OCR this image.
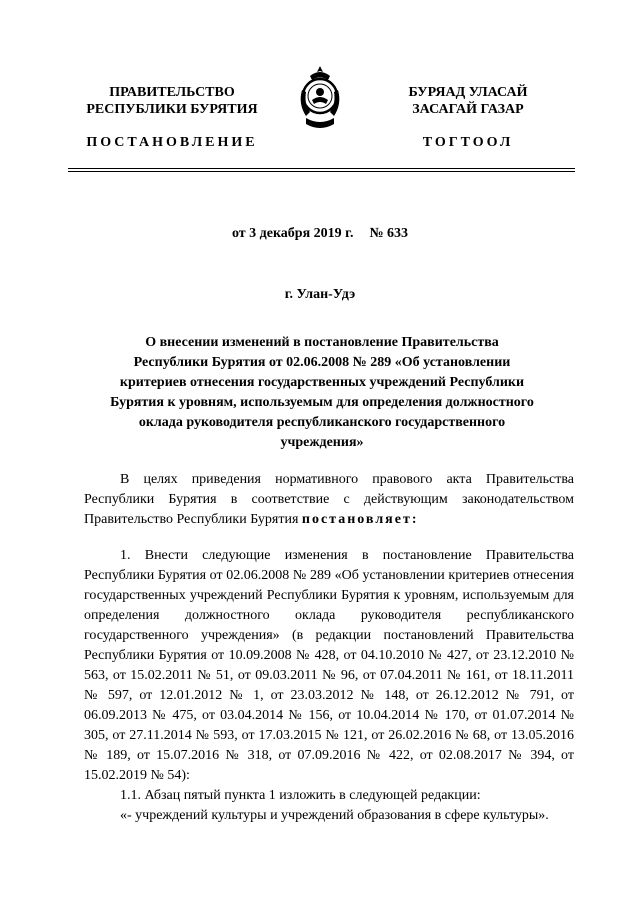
ПРАВИТЕЛЬСТВО
РЕСПУБЛИКИ БУРЯТИЯ
ПОСТАНОВЛЕНИЕ
БУРЯАД УЛАСАЙ
ЗАСАГАЙ ГАЗАР
ТОГТООЛ
от 3 декабря 2019 г. № 633
г. Улан-Удэ
О внесении изменений в постановление Правительства Республики Бурятия от 02.06.2008 № 289 «Об установлении критериев отнесения государственных учреждений Республики Бурятия к уровням, используемым для определения должностного оклада руководителя республиканского государственного учреждения»

В целях приведения нормативного правового акта Правительства Республики Бурятия в соответствие с действующим законодательством Правительство Республики Бурятия постановляет:

1. Внести следующие изменения в постановление Правительства Республики Бурятия от 02.06.2008 № 289 «Об установлении критериев отнесения государственных учреждений Республики Бурятия к уровням, используемым для определения должностного оклада руководителя республиканского государственного учреждения» (в редакции постановлений Правительства Республики Бурятия от 10.09.2008 № 428, от 04.10.2010 № 427, от 23.12.2010 № 563, от 15.02.2011 № 51, от 09.03.2011 № 96, от 07.04.2011 № 161, от 18.11.2011 № 597, от 12.01.2012 № 1, от 23.03.2012 № 148, от 26.12.2012 № 791, от 06.09.2013 № 475, от 03.04.2014 № 156, от 10.04.2014 № 170, от 01.07.2014 № 305, от 27.11.2014 № 593, от 17.03.2015 № 121, от 26.02.2016 № 68, от 13.05.2016 № 189, от 15.07.2016 № 318, от 07.09.2016 № 422, от 02.08.2017 № 394, от 15.02.2019 № 54):

1.1. Абзац пятый пункта 1 изложить в следующей редакции:

«- учреждений культуры и учреждений образования в сфере культуры».
